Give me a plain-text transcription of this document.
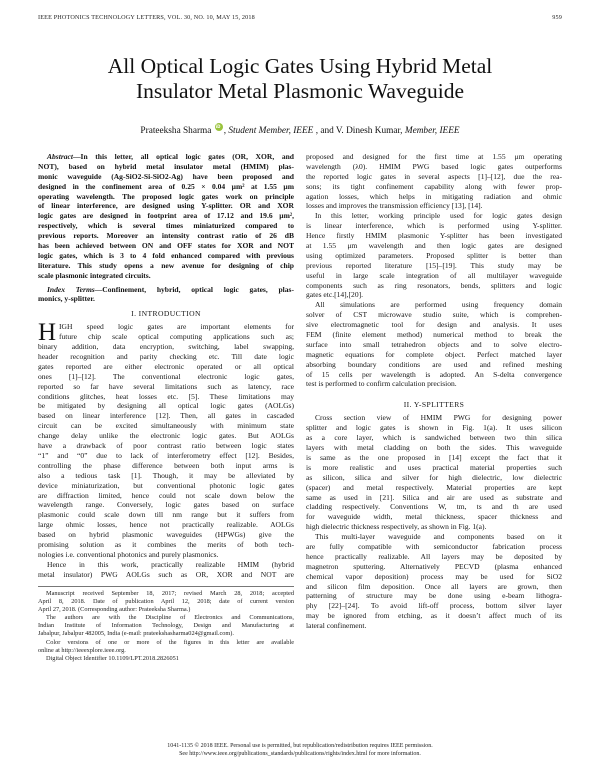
IEEE PHOTONICS TECHNOLOGY LETTERS, VOL. 30, NO. 10, MAY 15, 2018	959
All Optical Logic Gates Using Hybrid Metal
Insulator Metal Plasmonic Waveguide
Prateeksha Sharma iD , Student Member, IEEE , and V. Dinesh Kumar, Member, IEEE
Abstract—In this letter, all optical logic gates (OR, XOR, and
NOT), based on hybrid metal insulator metal (HMIM) plas-
monic waveguide (Ag-SiO2-Si-SiO2-Ag) have been proposed and
designed in the confinement area of 0.25 × 0.04 μm² at 1.55 μm
operating wavelength. The proposed logic gates work on principle
of linear interference, are designed using Y-splitter. OR and XOR
logic gates are designed in footprint area of 17.12 and 19.6 μm²,
respectively, which is several times miniaturized compared to
previous reports. Moreover an intensity contrast ratio of 26 dB
has been achieved between ON and OFF states for XOR and NOT
logic gates, which is 3 to 4 fold enhanced compared with previous
literature. This study opens a new avenue for designing of chip
scale plasmonic integrated circuits.
Index Terms—Confinement, hybrid, optical logic gates, plas-
monics, y-splitter.
I. INTRODUCTION
H IGH speed logic gates are important elements for
future chip scale optical computing applications such as;
binary addition, data encryption, switching, label swapping,
header recognition and parity checking etc. Till date logic
gates reported are either electronic operated or all optical
ones [1]–[12]. The conventional electronic logic gates,
reported so far have several limitations such as latency, race
conditions glitches, heat losses etc. [5]. These limitations may
be mitigated by designing all optical logic gates (AOLGs)
based on linear interference [12]. Then, all gates in cascaded
circuit can be excited simultaneously with minimum state
change delay unlike the electronic logic gates. But AOLGs
have a drawback of poor contrast ratio between logic states
“1” and “0” due to lack of interferometry effect [12]. Besides,
controlling the phase difference between both input arms is
also a tedious task [1]. Though, it may be alleviated by
device miniaturization, but conventional photonic logic gates
are diffraction limited, hence could not scale down below the
wavelength range. Conversely, logic gates based on surface
plasmonic could scale down till nm range but it suffers from
large ohmic losses, hence not practically realizable. AOLGs
based on hybrid plasmonic waveguides (HPWGs) give the
promising solution as it combines the merits of both tech-
nologies i.e. conventional photonics and purely plasmonics.
Hence in this work, practically realizable HMIM (hybrid
metal insulator) PWG AOLGs such as OR, XOR and NOT are
Manuscript received September 18, 2017; revised March 28, 2018; accepted
April 8, 2018. Date of publication April 12, 2018; date of current version
April 27, 2018. (Corresponding author: Prateeksha Sharma.)
The authors are with the Discipline of Electronics and Communications,
Indian Institute of Information Technology, Design and Manufacturing at
Jabalpur, Jabalpur 482005, India (e-mail: prateekshasharma024@gmail.com).
Color versions of one or more of the figures in this letter are available
online at http://ieeexplore.ieee.org.
Digital Object Identifier 10.1109/LPT.2018.2826051
proposed and designed for the first time at 1.55 μm operating
wavelength (λ0). HMIM PWG based logic gates outperforms
the reported logic gates in several aspects [1]–[12], due the rea-
sons; its tight confinement capability along with fewer prop-
agation losses, which helps in mitigating radiation and ohmic
losses and improves the transmission efficiency [13], [14].
In this letter, working principle used for logic gates design
is linear interference, which is performed using Y-splitter.
Hence firstly HMIM plasmonic Y-splitter has been investigated
at 1.55 μm wavelength and then logic gates are designed
using optimized parameters. Proposed splitter is better than
previous reported literature [15]–[19]. This study may be
useful in large scale integration of all multilayer waveguide
components such as ring resonators, bends, splitters and logic
gates etc.[14],[20].
All simulations are performed using frequency domain
solver of CST microwave studio suite, which is comprehen-
sive electromagnetic tool for design and analysis. It uses
FEM (finite element method) numerical method to break the
surface into small tetrahedron objects and to solve electro-
magnetic equations for complete object. Perfect matched layer
absorbing boundary conditions are used and refined meshing
of 15 cells per wavelength is adopted. An S-delta convergence
test is performed to confirm calculation precision.
II. Y-SPLITTERS
Cross section view of HMIM PWG for designing power
splitter and logic gates is shown in Fig. 1(a). It uses silicon
as a core layer, which is sandwiched between two thin silica
layers with metal cladding on both the sides. This waveguide
is same as the one proposed in [14] except the fact that it
is more realistic and uses practical material properties such
as silicon, silica and silver for high dielectric, low dielectric
(spacer) and metal respectively. Material properties are kept
same as used in [21]. Silica and air are used as substrate and
cladding respectively. Conventions W, tm, ts and th are used
for waveguide width, metal thickness, spacer thickness and
high dielectric thickness respectively, as shown in Fig. 1(a).
This multi-layer waveguide and components based on it
are fully compatible with semiconductor fabrication process
hence practically realizable. All layers may be deposited by
magnetron sputtering. Alternatively PECVD (plasma enhanced
chemical vapor deposition) process may be used for SiO2
and silicon film deposition. Once all layers are grown, then
patterning of structure may be done using e-beam lithogra-
phy [22]–[24]. To avoid lift-off process, bottom silver layer
may be ignored from etching, as it doesn’t affect much of its
lateral confinement.
1041-1135 © 2018 IEEE. Personal use is permitted, but republication/redistribution requires IEEE permission.
See http://www.ieee.org/publications_standards/publications/rights/index.html for more information.
